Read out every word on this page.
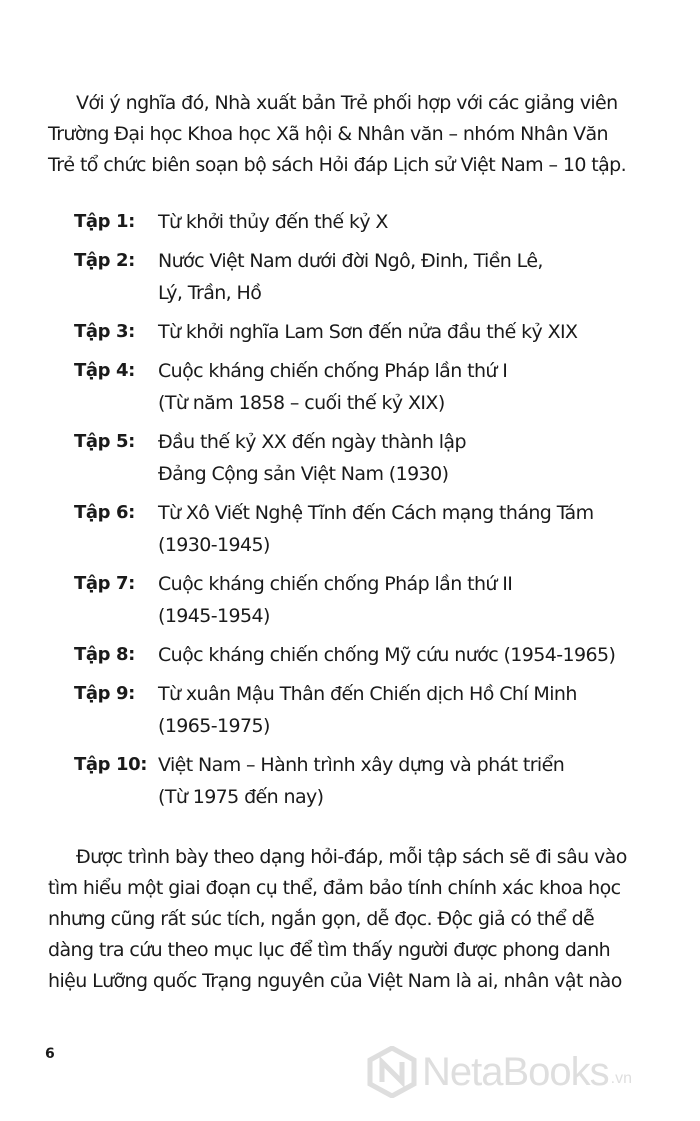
Với ý nghĩa đó, Nhà xuất bản Trẻ phối hợp với các giảng viên
Trường Đại học Khoa học Xã hội & Nhân văn – nhóm Nhân Văn
Trẻ tổ chức biên soạn bộ sách Hỏi đáp Lịch sử Việt Nam – 10 tập.

Tập 1:	Từ khởi thủy đến thế kỷ X
Tập 2:	Nước Việt Nam dưới đời Ngô, Đinh, Tiền Lê,
Lý, Trần, Hồ
Tập 3:	Từ khởi nghĩa Lam Sơn đến nửa đầu thế kỷ XIX
Tập 4:	Cuộc kháng chiến chống Pháp lần thứ I
(Từ năm 1858 – cuối thế kỷ XIX)
Tập 5:	Đầu thế kỷ XX đến ngày thành lập
Đảng Cộng sản Việt Nam (1930)
Tập 6:	Từ Xô Viết Nghệ Tĩnh đến Cách mạng tháng Tám
(1930-1945)
Tập 7:	Cuộc kháng chiến chống Pháp lần thứ II
(1945-1954)
Tập 8:	Cuộc kháng chiến chống Mỹ cứu nước (1954-1965)
Tập 9:	Từ xuân Mậu Thân đến Chiến dịch Hồ Chí Minh
(1965-1975)
Tập 10: Việt Nam – Hành trình xây dựng và phát triển
(Từ 1975 đến nay)

Được trình bày theo dạng hỏi-đáp, mỗi tập sách sẽ đi sâu vào
tìm hiểu một giai đoạn cụ thể, đảm bảo tính chính xác khoa học
nhưng cũng rất súc tích, ngắn gọn, dễ đọc. Độc giả có thể dễ
dàng tra cứu theo mục lục để tìm thấy người được phong danh
hiệu Lưỡng quốc Trạng nguyên của Việt Nam là ai, nhân vật nào

6	NetaBooks .vn
